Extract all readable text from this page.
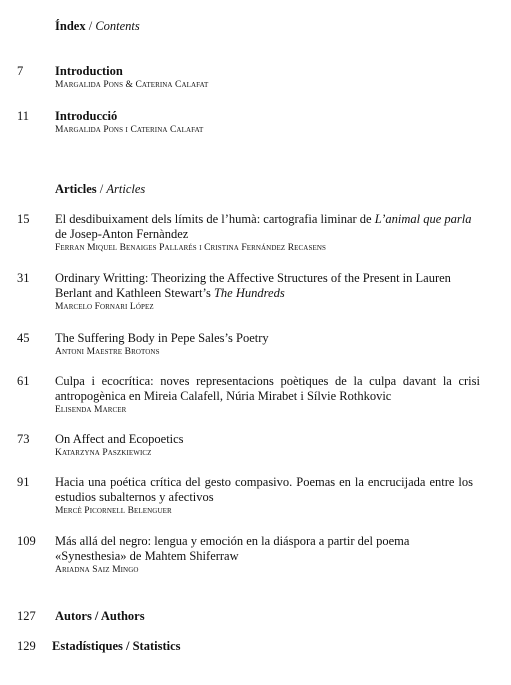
Índex / Contents
7	Introduction
Margalida Pons & Caterina Calafat
11 Introducció
Margalida Pons i Caterina Calafat
Articles / Articles
15 El desdibuixament dels límits de l’humà: cartografia liminar de L’animal que parla de Josep-Anton Fernàndez
Ferran Miquel Benaiges Pallarés i Cristina Fernández Recasens
31 Ordinary Writting: Theorizing the Affective Structures of the Present in Lauren Berlant and Kathleen Stewart’s The Hundreds
Marcelo Fornari López
45 The Suffering Body in Pepe Sales’s Poetry
Antoni Maestre Brotons
61 Culpa i ecocrítica: noves representacions poètiques de la culpa davant la crisi antropogènica en Mireia Calafell, Núria Mirabet i Sílvie Rothkovic
Elisenda Marcer
73 On Affect and Ecopoetics
Katarzyna Paszkiewicz
91 Hacia una poética crítica del gesto compasivo. Poemas en la encrucijada entre los estudios subalternos y afectivos
Mercè Picornell Belenguer
109 Más allá del negro: lengua y emoción en la diáspora a partir del poema «Synesthesia» de Mahtem Shiferraw
Ariadna Saiz Mingo
127 Autors / Authors
129 Estadístiques / Statistics
